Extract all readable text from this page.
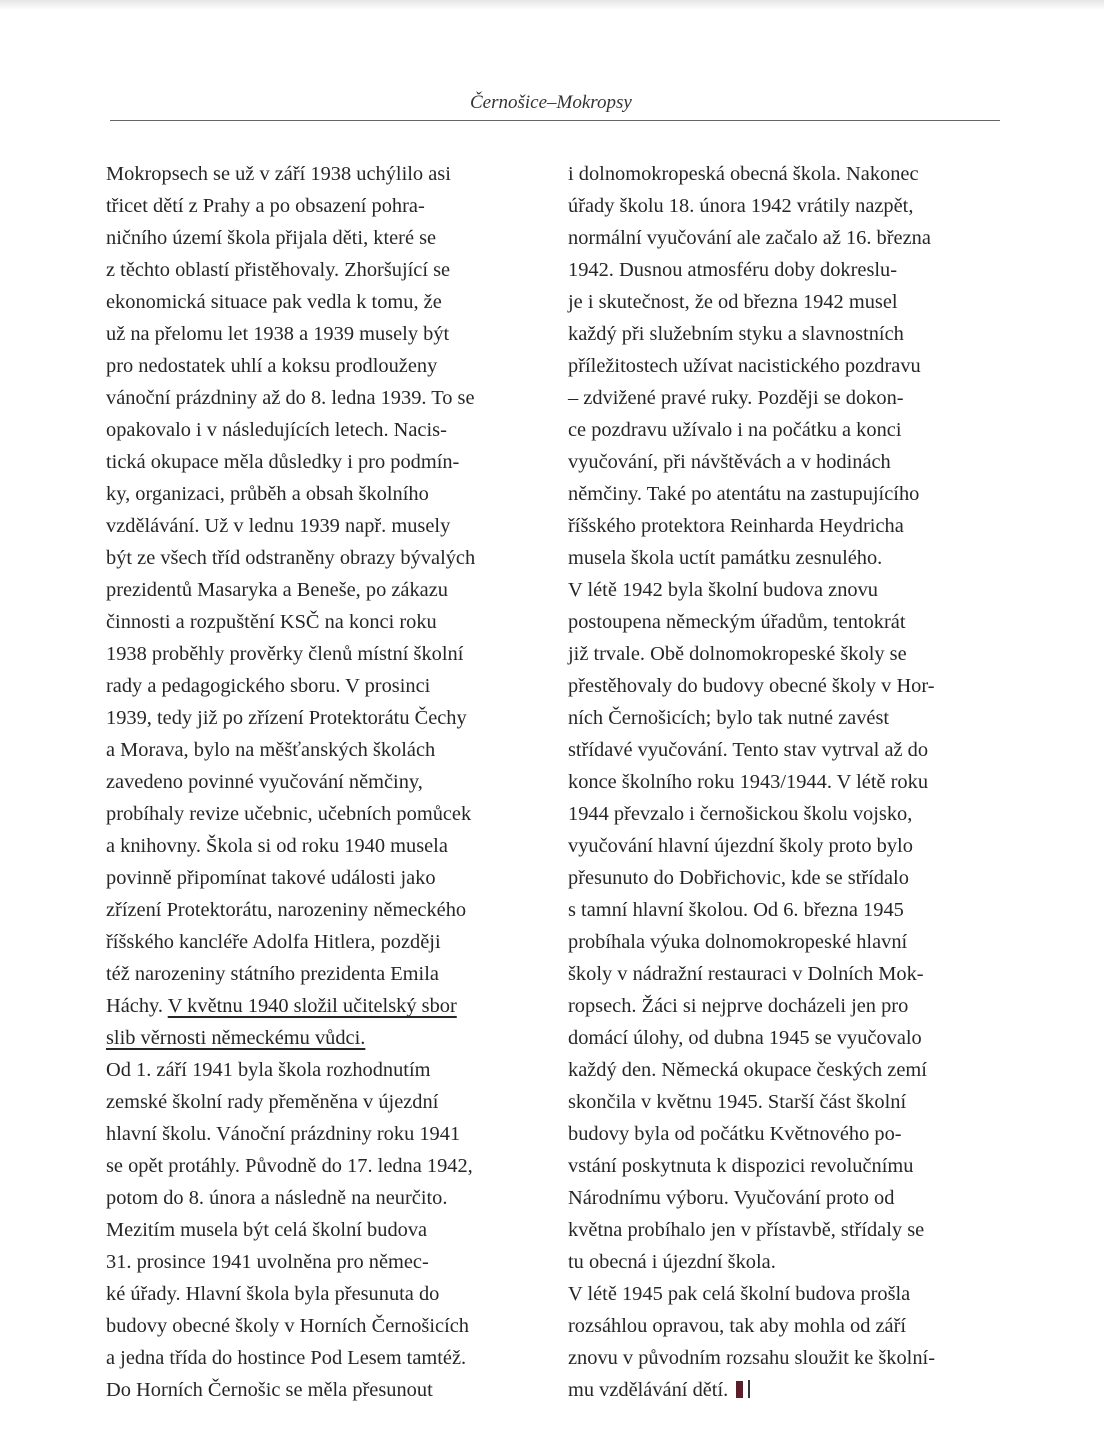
Černošice–Mokropsy
Mokropsech se už v září 1938 uchýlilo asi
třicet dětí z Prahy a po obsazení pohra-
ničního území škola přijala děti, které se
z těchto oblastí přistěhovaly. Zhoršující se
ekonomická situace pak vedla k tomu, že
už na přelomu let 1938 a 1939 musely být
pro nedostatek uhlí a koksu prodlouženy
vánoční prázdniny až do 8. ledna 1939. To se
opakovalo i v následujících letech. Nacis-
tická okupace měla důsledky i pro podmín-
ky, organizaci, průběh a obsah školního
vzdělávání. Už v lednu 1939 např. musely
být ze všech tříd odstraněny obrazy bývalých
prezidentů Masaryka a Beneše, po zákazu
činnosti a rozpuštění KSČ na konci roku
1938 proběhly prověrky členů místní školní
rady a pedagogického sboru. V prosinci
1939, tedy již po zřízení Protektorátu Čechy
a Morava, bylo na měšťanských školách
zavedeno povinné vyučování němčiny,
probíhaly revize učebnic, učebních pomůcek
a knihovny. Škola si od roku 1940 musela
povinně připomínat takové události jako
zřízení Protektorátu, narozeniny německého
říšského kancléře Adolfa Hitlera, později
též narozeniny státního prezidenta Emila
Háchy. V květnu 1940 složil učitelský sbor
slib věrnosti německému vůdci.
Od 1. září 1941 byla škola rozhodnutím
zemské školní rady přeměněna v újezdní
hlavní školu. Vánoční prázdniny roku 1941
se opět protáhly. Původně do 17. ledna 1942,
potom do 8. února a následně na neurčito.
Mezitím musela být celá školní budova
31. prosince 1941 uvolněna pro němec-
ké úřady. Hlavní škola byla přesunuta do
budovy obecné školy v Horních Černošicích
a jedna třída do hostince Pod Lesem tamtéž.
Do Horních Černošic se měla přesunout
i dolnomokropeská obecná škola. Nakonec
úřady školu 18. února 1942 vrátily nazpět,
normální vyučování ale začalo až 16. března
1942. Dusnou atmosféru doby dokreslu-
je i skutečnost, že od března 1942 musel
každý při služebním styku a slavnostních
příležitostech užívat nacistického pozdravu
– zdvižené pravé ruky. Později se dokon-
ce pozdravu užívalo i na počátku a konci
vyučování, při návštěvách a v hodinách
němčiny. Také po atentátu na zastupujícího
říšského protektora Reinharda Heydricha
musela škola uctít památku zesnulého.
V létě 1942 byla školní budova znovu
postoupena německým úřadům, tentokrát
již trvale. Obě dolnomokropeské školy se
přestěhovaly do budovy obecné školy v Hor-
ních Černošicích; bylo tak nutné zavést
střídavé vyučování. Tento stav vytrval až do
konce školního roku 1943/1944. V létě roku
1944 převzalo i černošickou školu vojsko,
vyučování hlavní újezdní školy proto bylo
přesunuto do Dobřichovic, kde se střídalo
s tamní hlavní školou. Od 6. března 1945
probíhala výuka dolnomokropeské hlavní
školy v nádražní restauraci v Dolních Mok-
ropsech. Žáci si nejprve docházeli jen pro
domácí úlohy, od dubna 1945 se vyučovalo
každý den. Německá okupace českých zemí
skončila v květnu 1945. Starší část školní
budovy byla od počátku Květnového po-
vstání poskytnuta k dispozici revolučnímu
Národnímu výboru. Vyučování proto od
května probíhalo jen v přístavbě, střídaly se
tu obecná i újezdní škola.
V létě 1945 pak celá školní budova prošla
rozsáhlou opravou, tak aby mohla od září
znovu v původním rozsahu sloužit ke školní-
mu vzdělávání dětí.
